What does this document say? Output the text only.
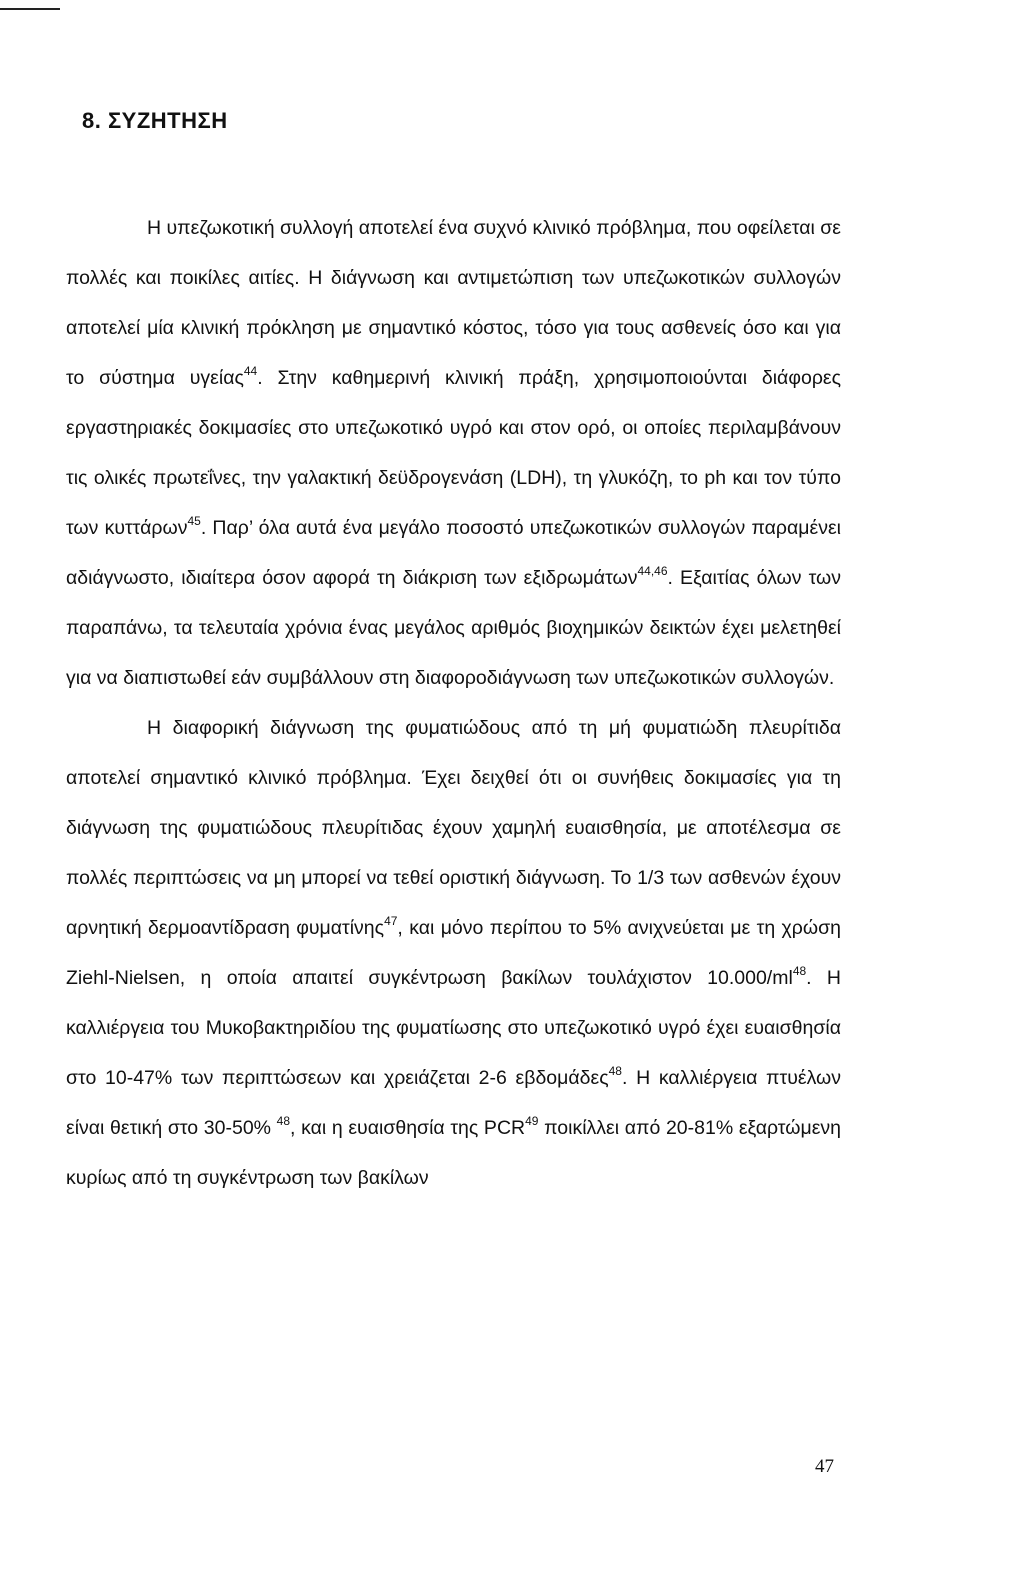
8. ΣΥΖΗΤΗΣΗ

Η υπεζωκοτική συλλογή αποτελεί ένα συχνό κλινικό πρόβλημα, που οφείλεται σε πολλές και ποικίλες αιτίες. Η διάγνωση και αντιμετώπιση των υπεζωκοτικών συλλογών αποτελεί μία κλινική πρόκληση με σημαντικό κόστος, τόσο για τους ασθενείς όσο και για το σύστημα υγείας$^{44}$. Στην καθημερινή κλινική πράξη, χρησιμοποιούνται διάφορες εργαστηριακές δοκιμασίες στο υπεζωκοτικό υγρό και στον ορό, οι οποίες περιλαμβάνουν τις ολικές πρωτεΐνες, την γαλακτική δεϋδρογενάση (LDH), τη γλυκόζη, το ph και τον τύπο των κυττάρων$^{45}$. Παρ’ όλα αυτά ένα μεγάλο ποσοστό υπεζωκοτικών συλλογών παραμένει αδιάγνωστο, ιδιαίτερα όσον αφορά τη διάκριση των εξιδρωμάτων$^{44,46}$. Εξαιτίας όλων των παραπάνω, τα τελευταία χρόνια ένας μεγάλος αριθμός βιοχημικών δεικτών έχει μελετηθεί για να διαπιστωθεί εάν συμβάλλουν στη διαφοροδιάγνωση των υπεζωκοτικών συλλογών.

Η διαφορική διάγνωση της φυματιώδους από τη μή φυματιώδη πλευρίτιδα αποτελεί σημαντικό κλινικό πρόβλημα. Έχει δειχθεί ότι οι συνήθεις δοκιμασίες για τη διάγνωση της φυματιώδους πλευρίτιδας έχουν χαμηλή ευαισθησία, με αποτέλεσμα σε πολλές περιπτώσεις να μη μπορεί να τεθεί οριστική διάγνωση. Το 1/3 των ασθενών έχουν αρνητική δερμοαντίδραση φυματίνης$^{47}$, και μόνο περίπου το 5% ανιχνεύεται με τη χρώση Ziehl-Nielsen, η οποία απαιτεί συγκέντρωση βακίλων τουλάχιστον $10.000/ml^{48}$. Η καλλιέργεια του Μυκοβακτηριδίου της φυματίωσης στο υπεζωκοτικό υγρό έχει ευαισθησία στο 10-47% των περιπτώσεων και χρειάζεται 2-6 εβδομάδες$^{48}$. Η καλλιέργεια πτυέλων είναι θετική στο 30-50% $^{48}$, και η ευαισθησία της PCR$^{49}$ ποικίλλει από 20-81% εξαρτώμενη κυρίως από τη συγκέντρωση των βακίλων

47
